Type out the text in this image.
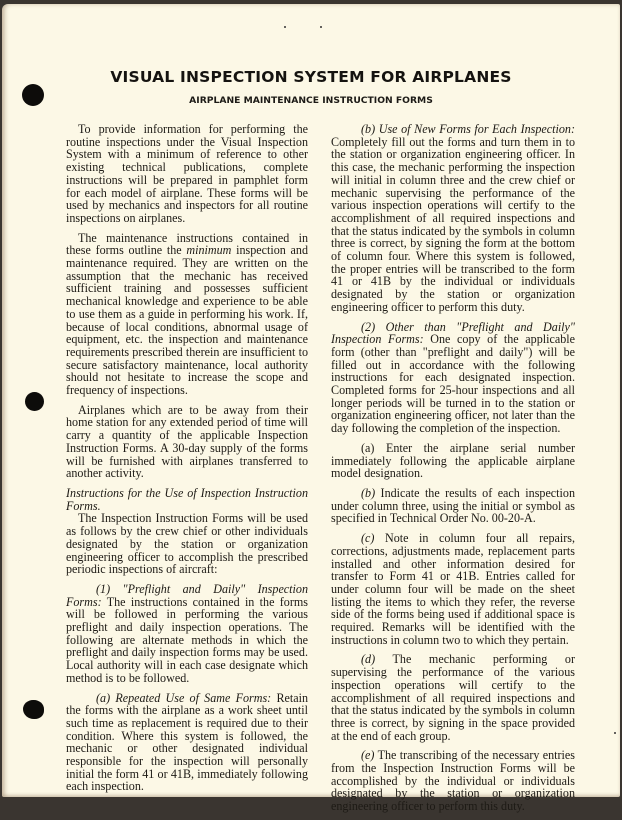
VISUAL INSPECTION SYSTEM FOR AIRPLANES
AIRPLANE MAINTENANCE INSTRUCTION FORMS

To provide information for performing the routine inspections under the Visual Inspection System with a minimum of reference to other existing technical publications, complete instructions will be prepared in pamphlet form for each model of airplane. These forms will be used by mechanics and inspectors for all routine inspections on airplanes.

The maintenance instructions contained in these forms outline the minimum inspection and maintenance required. They are written on the assumption that the mechanic has received sufficient training and possesses sufficient mechanical knowledge and experience to be able to use them as a guide in performing his work. If, because of local conditions, abnormal usage of equipment, etc. the inspection and maintenance requirements prescribed therein are insufficient to secure satisfactory maintenance, local authority should not hesitate to increase the scope and frequency of inspections.

Airplanes which are to be away from their home station for any extended period of time will carry a quantity of the applicable Inspection Instruction Forms. A 30-day supply of the forms will be furnished with airplanes transferred to another activity.

Instructions for the Use of Inspection Instruction Forms.

The Inspection Instruction Forms will be used as follows by the crew chief or other individuals designated by the station or organization engineering officer to accomplish the prescribed periodic inspections of aircraft:

(1) "Preflight and Daily" Inspection Forms: The instructions contained in the forms will be followed in performing the various preflight and daily inspection operations. The following are alternate methods in which the preflight and daily inspection forms may be used. Local authority will in each case designate which method is to be followed.

(a) Repeated Use of Same Forms: Retain the forms with the airplane as a work sheet until such time as replacement is required due to their condition. Where this system is followed, the mechanic or other designated individual responsible for the inspection will personally initial the form 41 or 41B, immediately following each inspection.

(b) Use of New Forms for Each Inspection: Completely fill out the forms and turn them in to the station or organization engineering officer. In this case, the mechanic performing the inspection will initial in column three and the crew chief or mechanic supervising the performance of the various inspection operations will certify to the accomplishment of all required inspections and that the status indicated by the symbols in column three is correct, by signing the form at the bottom of column four. Where this system is followed, the proper entries will be transcribed to the form 41 or 41B by the individual or individuals designated by the station or organization engineering officer to perform this duty.

(2) Other than "Preflight and Daily" Inspection Forms: One copy of the applicable form (other than "preflight and daily") will be filled out in accordance with the following instructions for each designated inspection. Completed forms for 25-hour inspections and all longer periods will be turned in to the station or organization engineering officer, not later than the day following the completion of the inspection.

(a) Enter the airplane serial number immediately following the applicable airplane model designation.

(b) Indicate the results of each inspection under column three, using the initial or symbol as specified in Technical Order No. 00-20-A.

(c) Note in column four all repairs, corrections, adjustments made, replacement parts installed and other information desired for transfer to Form 41 or 41B. Entries called for under column four will be made on the sheet listing the items to which they refer, the reverse side of the forms being used if additional space is required. Remarks will be identified with the instructions in column two to which they pertain.

(d) The mechanic performing or supervising the performance of the various inspection operations will certify to the accomplishment of all required inspections and that the status indicated by the symbols in column three is correct, by signing in the space provided at the end of each group.

(e) The transcribing of the necessary entries from the Inspection Instruction Forms will be accomplished by the individual or individuals designated by the station or organization engineering officer to perform this duty.
